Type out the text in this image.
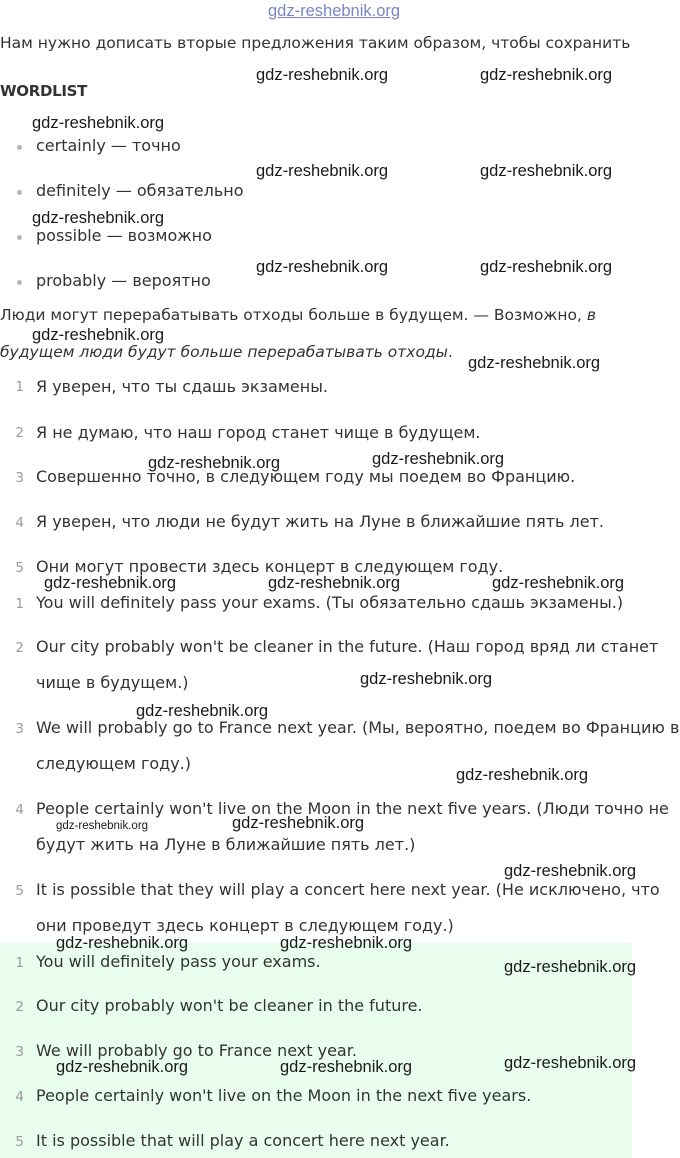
gdz-reshebnik.org
Нам нужно дописать вторые предложения таким образом, чтобы сохранить
WORDLIST
certainly — точно
definitely — обязательно
possible — возможно
probably — вероятно
Люди могут перерабатывать отходы больше в будущем. — Возможно, в
будущем люди будут больше перерабатывать отходы.
1 Я уверен, что ты сдашь экзамены.
2 Я не думаю, что наш город станет чище в будущем.
3 Совершенно точно, в следующем году мы поедем во Францию.
4 Я уверен, что люди не будут жить на Луне в ближайшие пять лет.
5 Они могут провести здесь концерт в следующем году.
1 You will definitely pass your exams. (Ты обязательно сдашь экзамены.)
2 Our city probably won't be cleaner in the future. (Наш город вряд ли станет
чище в будущем.)
3 We will probably go to France next year. (Мы, вероятно, поедем во Францию в
следующем году.)
4 People certainly won't live on the Moon in the next five years. (Люди точно не
будут жить на Луне в ближайшие пять лет.)
5 It is possible that they will play a concert here next year. (Не исключено, что
они проведут здесь концерт в следующем году.)
1 You will definitely pass your exams.
2 Our city probably won't be cleaner in the future.
3 We will probably go to France next year.
4 People certainly won't live on the Moon in the next five years.
5 It is possible that will play a concert here next year.
gdz-reshebnik.org	gdz-reshebnik.org
gdz-reshebnik.org
gdz-reshebnik.org	gdz-reshebnik.org
gdz-reshebnik.org
gdz-reshebnik.org	gdz-reshebnik.org
gdz-reshebnik.org
gdz-reshebnik.org
gdz-reshebnik.org	gdz-reshebnik.org
gdz-reshebnik.org	gdz-reshebnik.org	gdz-reshebnik.org
gdz-reshebnik.org
gdz-reshebnik.org
gdz-reshebnik.org
gdz-reshebnik.org	gdz-reshebnik.org
gdz-reshebnik.org
gdz-reshebnik.org	gdz-reshebnik.org
gdz-reshebnik.org
gdz-reshebnik.org	gdz-reshebnik.org	gdz-reshebnik.org
